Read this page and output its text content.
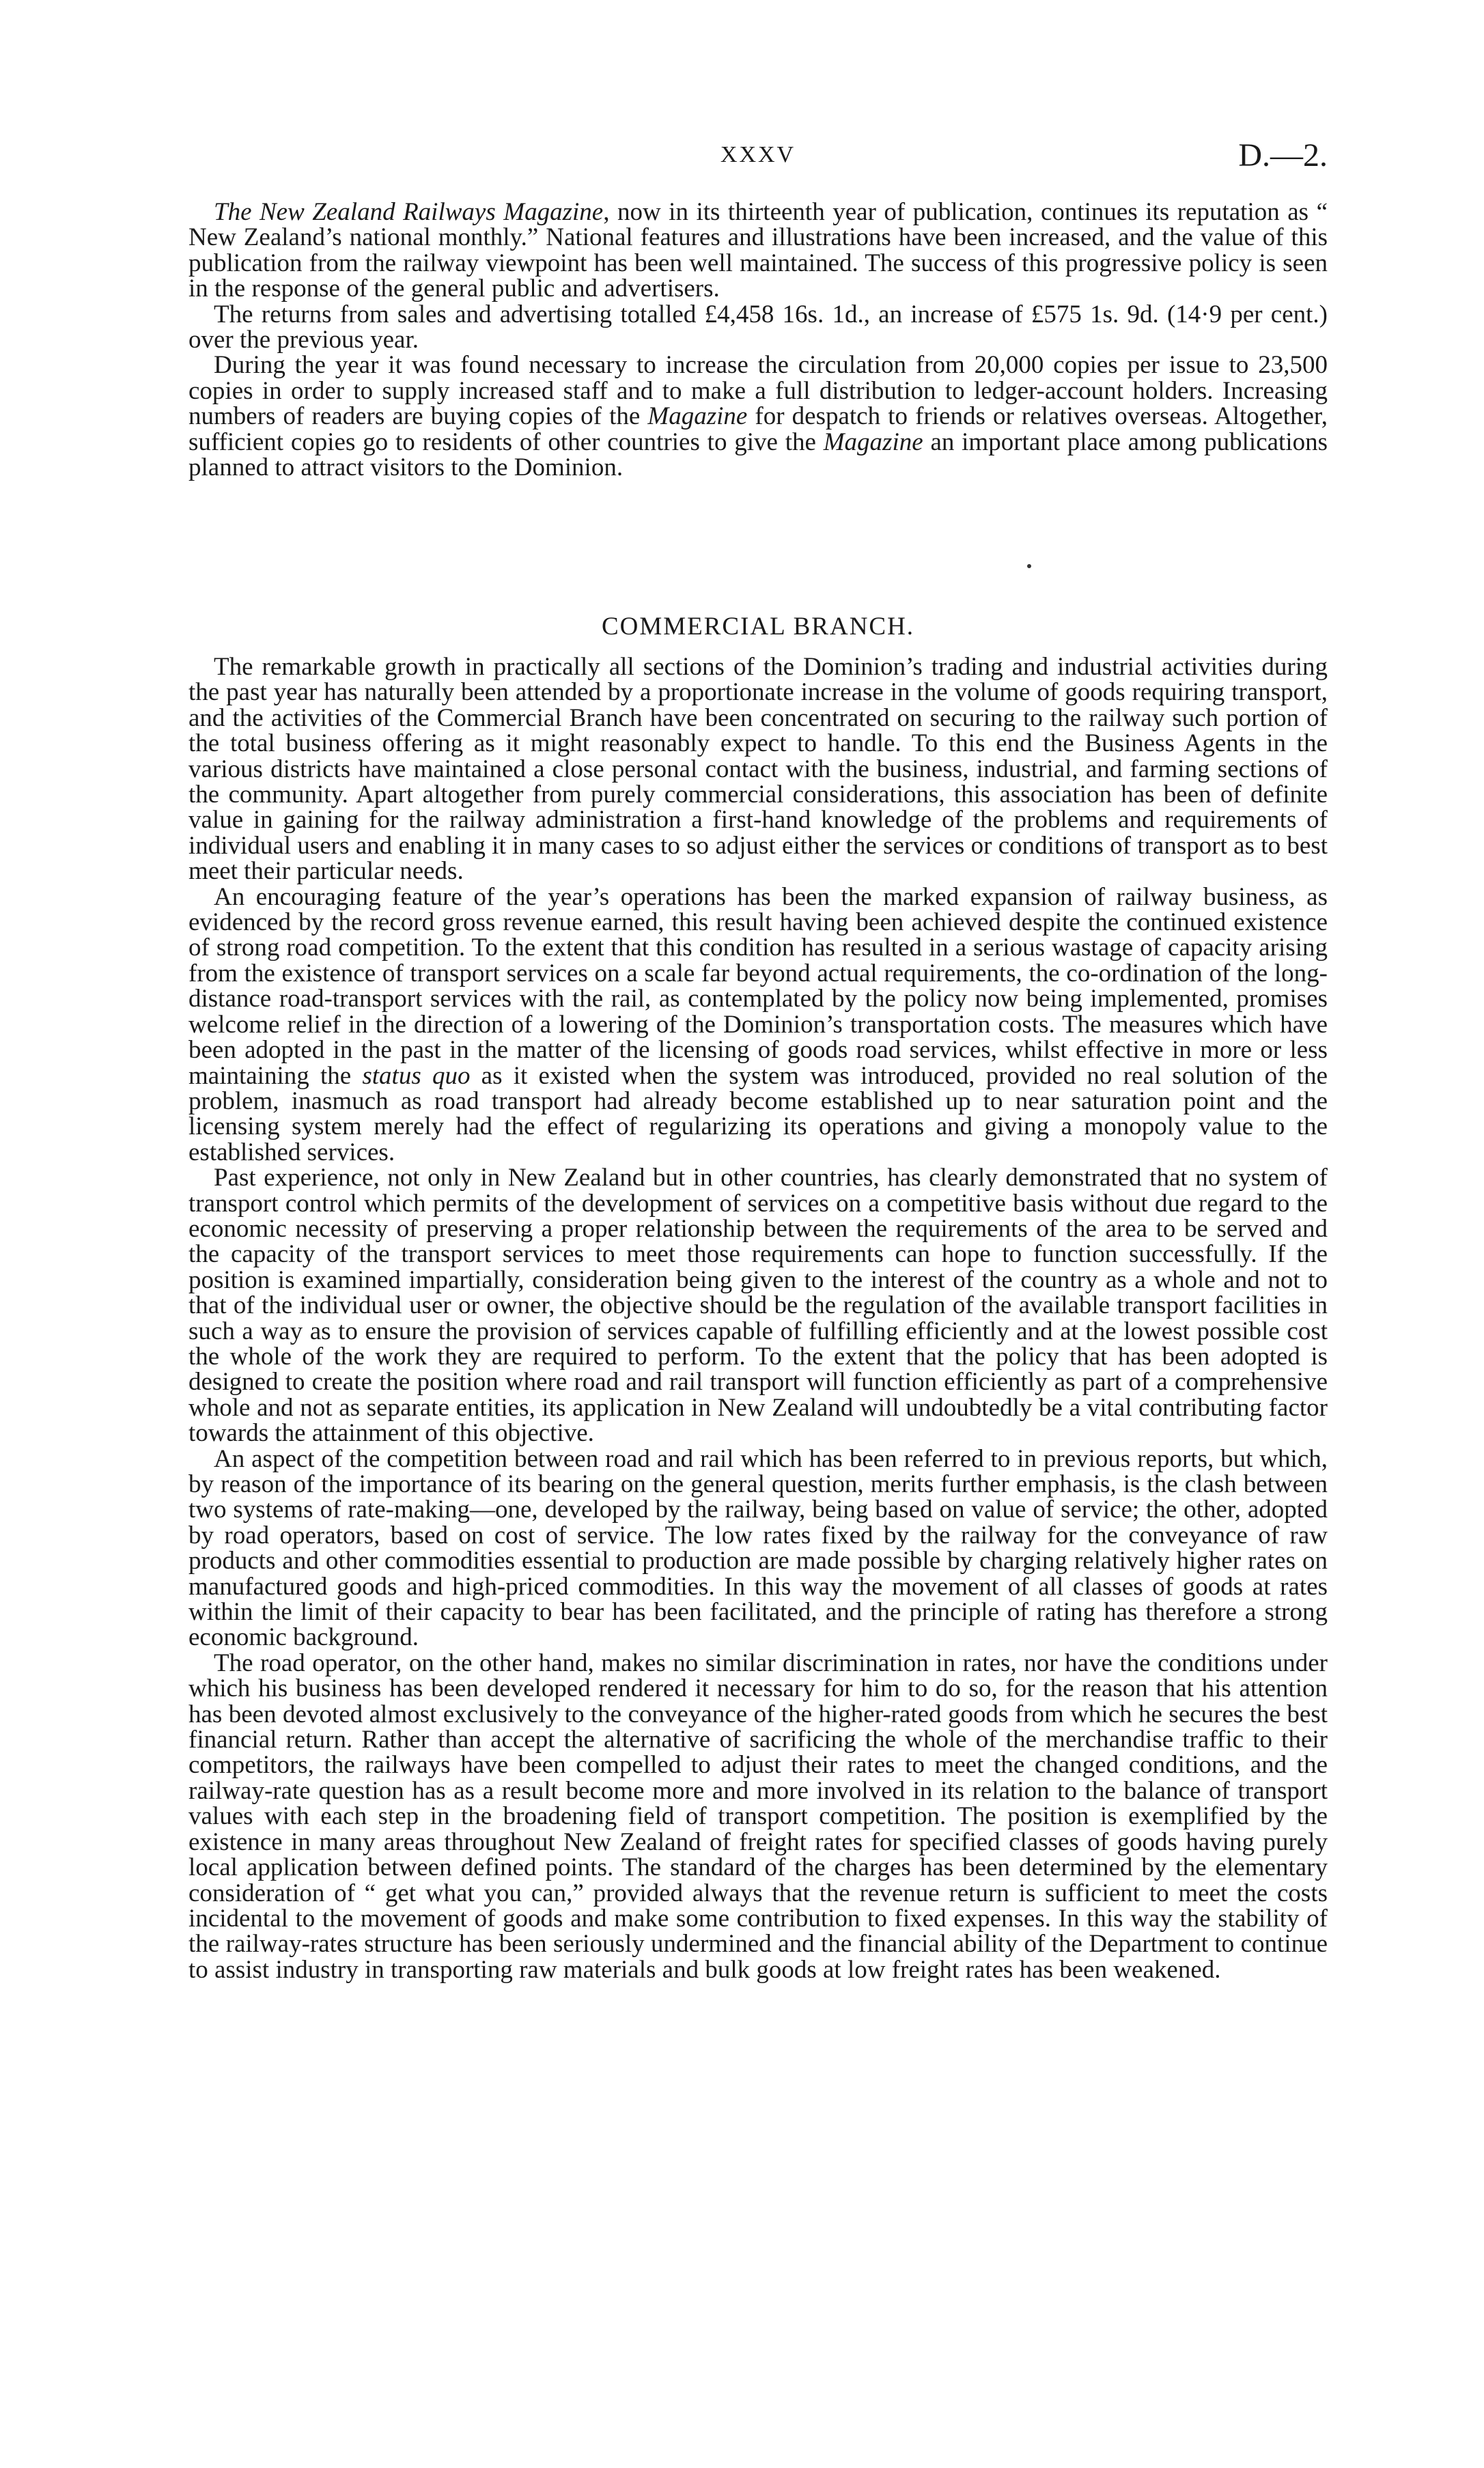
XXXV	D.—2.

The New Zealand Railways Magazine, now in its thirteenth year of publication, continues its reputation as “ New Zealand’s national monthly.” National features and illustrations have been increased, and the value of this publication from the railway viewpoint has been well maintained. The success of this progressive policy is seen in the response of the general public and advertisers.

The returns from sales and advertising totalled £4,458 16s. 1d., an increase of £575 1s. 9d. (14·9 per cent.) over the previous year.

During the year it was found necessary to increase the circulation from 20,000 copies per issue to 23,500 copies in order to supply increased staff and to make a full distribution to ledger-account holders. Increasing numbers of readers are buying copies of the Magazine for despatch to friends or relatives overseas. Altogether, sufficient copies go to residents of other countries to give the Magazine an important place among publications planned to attract visitors to the Dominion.

COMMERCIAL BRANCH.

The remarkable growth in practically all sections of the Dominion’s trading and industrial activities during the past year has naturally been attended by a proportionate increase in the volume of goods requiring transport, and the activities of the Commercial Branch have been concentrated on securing to the railway such portion of the total business offering as it might reasonably expect to handle. To this end the Business Agents in the various districts have maintained a close personal contact with the business, industrial, and farming sections of the community. Apart altogether from purely commercial considerations, this association has been of definite value in gaining for the railway administration a first-hand knowledge of the problems and requirements of individual users and enabling it in many cases to so adjust either the services or conditions of transport as to best meet their particular needs.

An encouraging feature of the year’s operations has been the marked expansion of railway business, as evidenced by the record gross revenue earned, this result having been achieved despite the continued existence of strong road competition. To the extent that this condition has resulted in a serious wastage of capacity arising from the existence of transport services on a scale far beyond actual requirements, the co-ordination of the long-distance road-transport services with the rail, as contemplated by the policy now being implemented, promises welcome relief in the direction of a lowering of the Dominion’s transportation costs. The measures which have been adopted in the past in the matter of the licensing of goods road services, whilst effective in more or less maintaining the status quo as it existed when the system was introduced, provided no real solution of the problem, inasmuch as road transport had already become established up to near saturation point and the licensing system merely had the effect of regularizing its operations and giving a monopoly value to the established services.

Past experience, not only in New Zealand but in other countries, has clearly demonstrated that no system of transport control which permits of the development of services on a competitive basis without due regard to the economic necessity of preserving a proper relationship between the requirements of the area to be served and the capacity of the transport services to meet those requirements can hope to function successfully. If the position is examined impartially, consideration being given to the interest of the country as a whole and not to that of the individual user or owner, the objective should be the regulation of the available transport facilities in such a way as to ensure the provision of services capable of fulfilling efficiently and at the lowest possible cost the whole of the work they are required to perform. To the extent that the policy that has been adopted is designed to create the position where road and rail transport will function efficiently as part of a comprehensive whole and not as separate entities, its application in New Zealand will undoubtedly be a vital contributing factor towards the attainment of this objective.

An aspect of the competition between road and rail which has been referred to in previous reports, but which, by reason of the importance of its bearing on the general question, merits further emphasis, is the clash between two systems of rate-making—one, developed by the railway, being based on value of service; the other, adopted by road operators, based on cost of service. The low rates fixed by the railway for the conveyance of raw products and other commodities essential to production are made possible by charging relatively higher rates on manufactured goods and high-priced commodities. In this way the movement of all classes of goods at rates within the limit of their capacity to bear has been facilitated, and the principle of rating has therefore a strong economic background.

The road operator, on the other hand, makes no similar discrimination in rates, nor have the conditions under which his business has been developed rendered it necessary for him to do so, for the reason that his attention has been devoted almost exclusively to the conveyance of the higher-rated goods from which he secures the best financial return. Rather than accept the alternative of sacrificing the whole of the merchandise traffic to their competitors, the railways have been compelled to adjust their rates to meet the changed conditions, and the railway-rate question has as a result become more and more involved in its relation to the balance of transport values with each step in the broadening field of transport competition. The position is exemplified by the existence in many areas throughout New Zealand of freight rates for specified classes of goods having purely local application between defined points. The standard of the charges has been determined by the elementary consideration of “ get what you can,” provided always that the revenue return is sufficient to meet the costs incidental to the movement of goods and make some contribution to fixed expenses. In this way the stability of the railway-rates structure has been seriously undermined and the financial ability of the Department to continue to assist industry in transporting raw materials and bulk goods at low freight rates has been weakened.
